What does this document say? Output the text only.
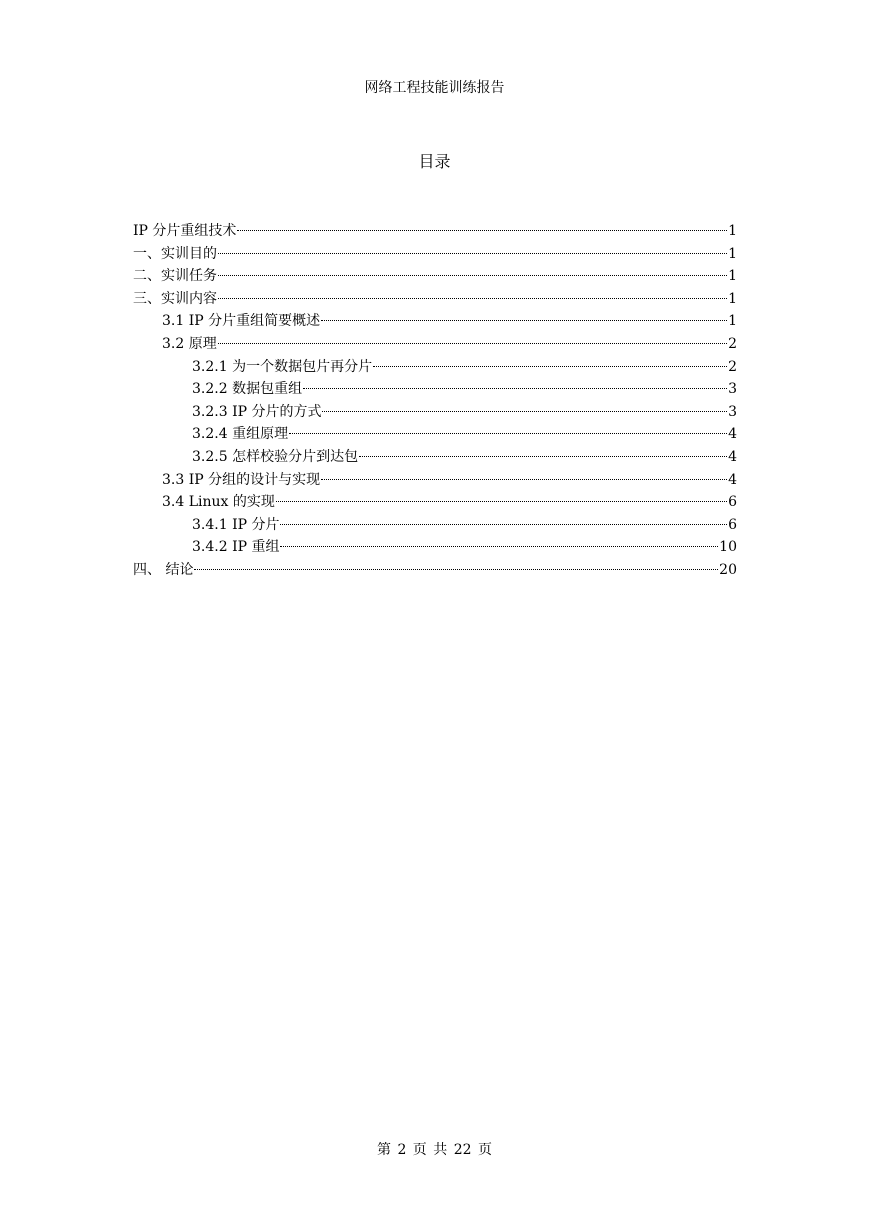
网络工程技能训练报告
目录
IP 分片重组技术	1
一、实训目的	1
二、实训任务	1
三、实训内容	1
3.1 IP 分片重组简要概述	1
3.2 原理	2
3.2.1 为一个数据包片再分片	2
3.2.2 数据包重组	3
3.2.3 IP 分片的方式	3
3.2.4 重组原理	4
3.2.5 怎样校验分片到达包	4
3.3 IP 分组的设计与实现	4
3.4 Linux 的实现	6
3.4.1 IP 分片	6
3.4.2 IP 重组	10
四、 结论	20
第 2 页 共 22 页
